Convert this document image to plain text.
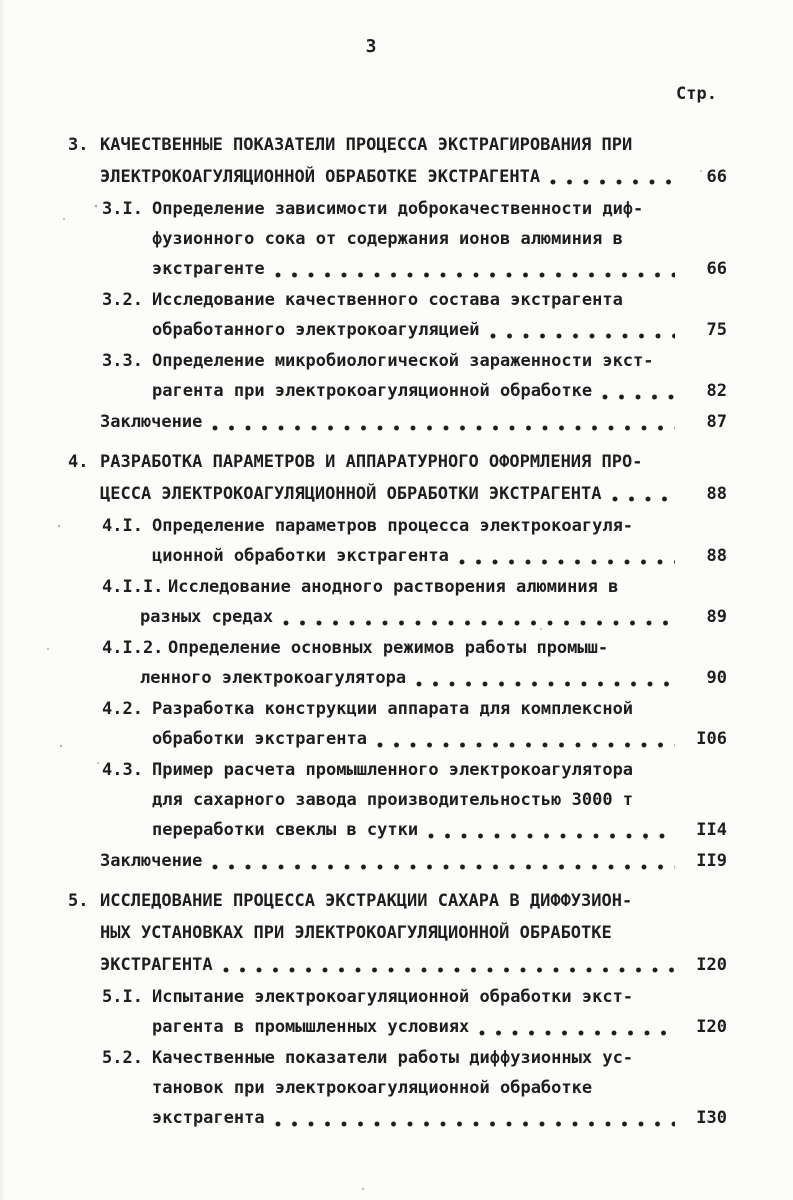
3
Стр.
3. КАЧЕСТВЕННЫЕ ПОКАЗАТЕЛИ ПРОЦЕССА ЭКСТРАГИРОВАНИЯ ПРИ
ЭЛЕКТРОКОАГУЛЯЦИОННОЙ ОБРАБОТКЕ ЭКСТРАГЕНТА	66
3.I. Определение зависимости доброкачественности диф-
фузионного сока от содержания ионов алюминия в
экстрагенте	66
3.2. Исследование качественного состава экстрагента
обработанного электрокоагуляцией	75
3.3. Определение микробиологической зараженности экст-
рагента при электрокоагуляционной обработке	82
Заключение	87
4. РАЗРАБОТКА ПАРАМЕТРОВ И АППАРАТУРНОГО ОФОРМЛЕНИЯ ПРО-
ЦЕССА ЭЛЕКТРОКОАГУЛЯЦИОННОЙ ОБРАБОТКИ ЭКСТРАГЕНТА	88
4.I. Определение параметров процесса электрокоагуля-
ционной обработки экстрагента	88
4.I.I. Исследование анодного растворения алюминия в
разных средах	89
4.I.2. Определение основных режимов работы промыш-
ленного электрокоагулятора	90
4.2. Разработка конструкции аппарата для комплексной
обработки экстрагента	I06
4.3. Пример расчета промышленного электрокоагулятора
для сахарного завода производительностью 3000 т
переработки свеклы в сутки	II4
Заключение	II9
5. ИССЛЕДОВАНИЕ ПРОЦЕССА ЭКСТРАКЦИИ САХАРА В ДИФФУЗИОН-
НЫХ УСТАНОВКАХ ПРИ ЭЛЕКТРОКОАГУЛЯЦИОННОЙ ОБРАБОТКЕ
ЭКСТРАГЕНТА	I20
5.I. Испытание электрокоагуляционной обработки экст-
рагента в промышленных условиях	I20
5.2. Качественные показатели работы диффузионных ус-
тановок при электрокоагуляционной обработке
экстрагента	I30
